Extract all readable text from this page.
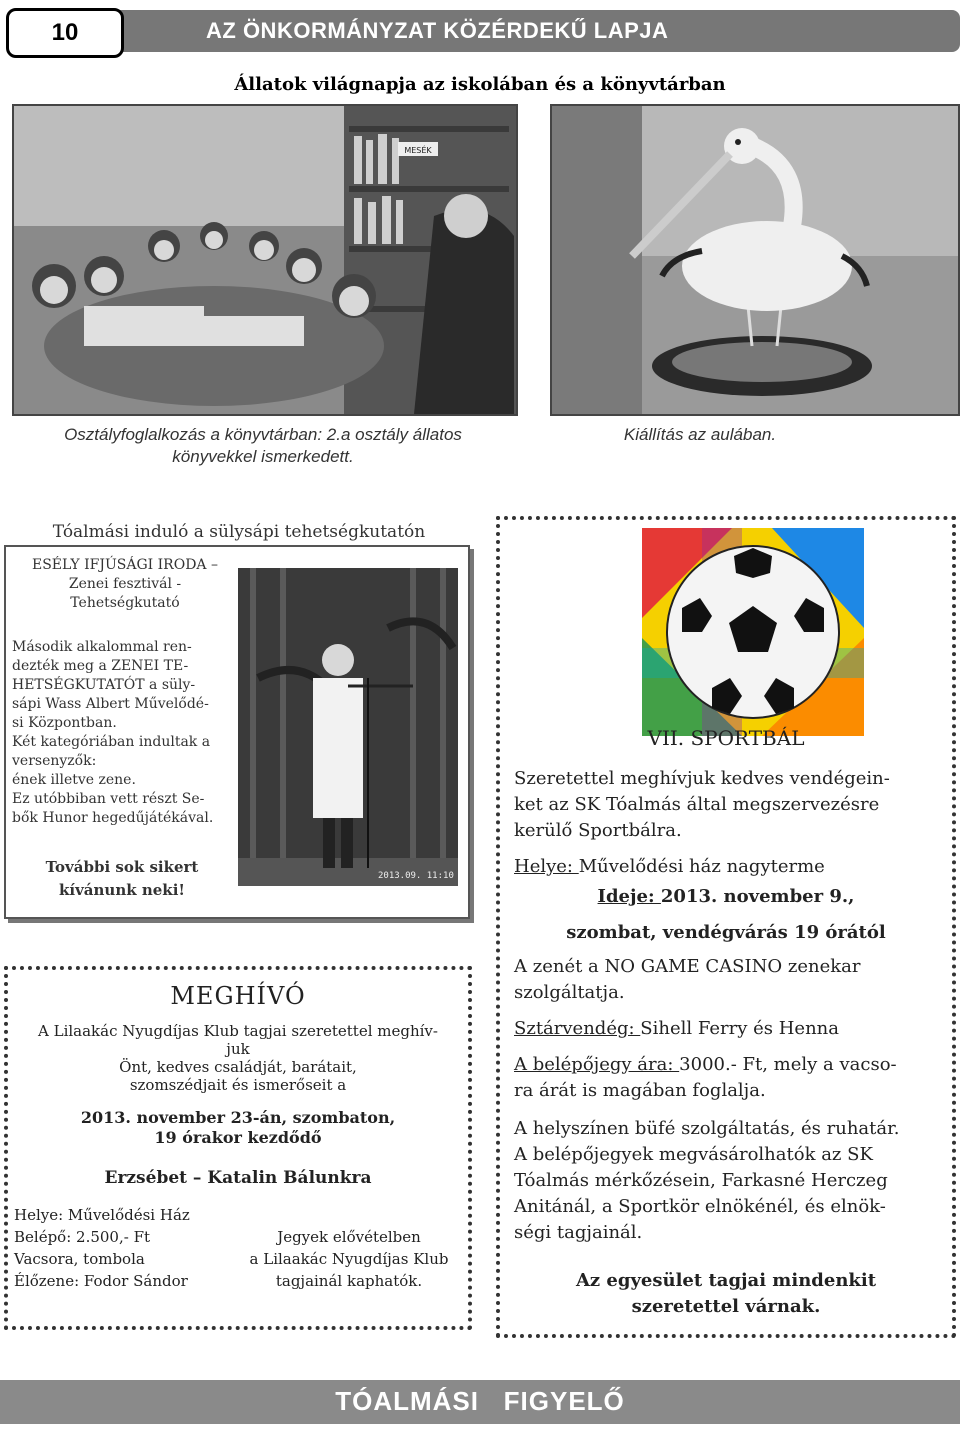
10	AZ ÖNKORMÁNYZAT KÖZÉRDEKŰ LAPJA
Állatok világnapja az iskolában és a könyvtárban
MESÉK
Osztályfoglalkozás a könyvtárban: 2.a osztály állatos
könyvekkel ismerkedett.
Kiállítás az aulában.
Tóalmási induló a sülysápi tehetségkutatón
ESÉLY IFJÚSÁGI IRODA –
Zenei fesztivál -
Tehetségkutató
Második alkalommal ren-
dezték meg a ZENEI TE-
HETSÉGKUTATÓT a süly-
sápi Wass Albert Művelődé-
si Központban.
Két kategóriában indultak a
versenyzők:
ének illetve zene.
Ez utóbbiban vett részt Se-
bők Hunor hegedűjátékával.
További sok sikert
kívánunk neki!
2013.09. 11:10
MEGHÍVÓ
A Lilaakác Nyugdíjas Klub tagjai szeretettel meghív-
juk
Önt, kedves családját, barátait,
szomszédjait és ismerőseit a
2013. november 23-án, szombaton,
19 órakor kezdődő
Erzsébet – Katalin Bálunkra
Helye: Művelődési Ház
Belépő: 2.500,- Ft
Vacsora, tombola
Élőzene: Fodor Sándor
Jegyek elővételben
a Lilaakác Nyugdíjas Klub
tagjainál kaphatók.
VII. SPORTBÁL
Szeretettel meghívjuk kedves vendégein-
ket az SK Tóalmás által megszervezésre
kerülő Sportbálra.
Helye: Művelődési ház nagyterme
Ideje: 2013. november 9.,
szombat, vendégvárás 19 órától
A zenét a NO GAME CASINO zenekar
szolgáltatja.
Sztárvendég: Sihell Ferry és Henna
A belépőjegy ára: 3000.- Ft, mely a vacso-
ra árát is magában foglalja.
A helyszínen büfé szolgáltatás, és ruhatár.
A belépőjegyek megvásárolhatók az SK
Tóalmás mérkőzésein, Farkasné Herczeg
Anitánál, a Sportkör elnökénél, és elnök-
ségi tagjainál.
Az egyesület tagjai mindenkit
szeretettel várnak.
TÓALMÁSI FIGYELŐ
